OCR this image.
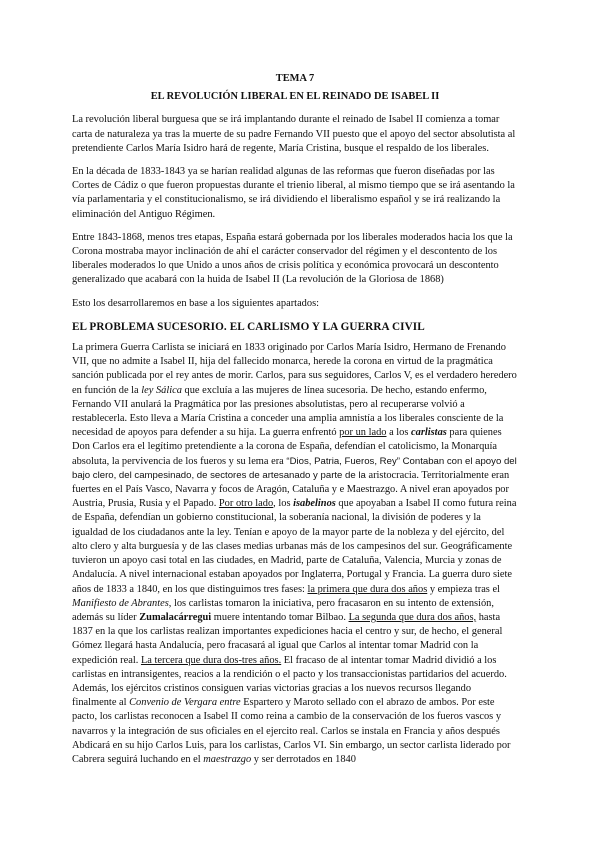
TEMA 7
EL REVOLUCIÓN LIBERAL EN EL REINADO DE ISABEL II

La revolución liberal burguesa que se irá implantando durante el reinado de Isabel II comienza a tomar carta de naturaleza ya tras la muerte de su padre Fernando VII puesto que el apoyo del sector absolutista al pretendiente Carlos María Isidro hará de regente, María Cristina, busque el respaldo de los liberales.

En la década de 1833-1843 ya se harían realidad algunas de las reformas que fueron diseñadas por las Cortes de Cádiz o que fueron propuestas durante el trienio liberal, al mismo tiempo que se irá asentando la vía parlamentaria y el constitucionalismo, se irá dividiendo el liberalismo español y se irá realizando la eliminación del Antiguo Régimen.

Entre 1843-1868, menos tres etapas, España estará gobernada por los liberales moderados hacia los que la Corona mostraba mayor inclinación de ahí el carácter conservador del régimen y el descontento de los liberales moderados lo que Unido a unos años de crisis política y económica provocará un descontento generalizado que acabará con la huida de Isabel II (La revolución de la Gloriosa de 1868)

Esto los desarrollaremos en base a los siguientes apartados:

EL PROBLEMA SUCESORIO. EL CARLISMO Y LA GUERRA CIVIL

La primera Guerra Carlista se iniciará en 1833 originado por Carlos María Isidro, Hermano de Frenando VII, que no admite a Isabel II, hija del fallecido monarca, herede la corona en virtud de la pragmática sanción publicada por el rey antes de morir. Carlos, para sus seguidores, Carlos V, es el verdadero heredero en función de la ley Sálica que excluía a las mujeres de línea sucesoria. De hecho, estando enfermo, Fernando VII anulará la Pragmática por las presiones absolutistas, pero al recuperarse volvió a restablecerla. Esto lleva a María Cristina a conceder una amplia amnistía a los liberales consciente de la necesidad de apoyos para defender a su hija. La guerra enfrentó por un lado a los carlistas para quienes Don Carlos era el legítimo pretendiente a la corona de España, defendían el catolicismo, la Monarquía absoluta, la pervivencia de los fueros y su lema era “Dios, Patria, Fueros, Rey” Contaban con el apoyo del bajo clero, del campesinado, de sectores de artesanado y parte de la aristocracia. Territorialmente eran fuertes en el País Vasco, Navarra y focos de Aragón, Cataluña y e Maestrazgo. A nivel eran apoyados por Austria, Prusia, Rusia y el Papado. Por otro lado, los isabelinos que apoyaban a Isabel II como futura reina de España, defendían un gobierno constitucional, la soberanía nacional, la división de poderes y la igualdad de los ciudadanos ante la ley. Tenían e apoyo de la mayor parte de la nobleza y del ejército, del alto clero y alta burguesía y de las clases medias urbanas más de los campesinos del sur. Geográficamente tuvieron un apoyo casi total en las ciudades, en Madrid, parte de Cataluña, Valencia, Murcia y zonas de Andalucía. A nivel internacional estaban apoyados por Inglaterra, Portugal y Francia. La guerra duro siete años de 1833 a 1840, en los que distinguimos tres fases: la primera que dura dos años y empieza tras el Manifiesto de Abrantes, los carlistas tomaron la iniciativa, pero fracasaron en su intento de extensión, además su líder Zumalacárregui muere intentando tomar Bilbao. La segunda que dura dos años, hasta 1837 en la que los carlistas realizan importantes expediciones hacia el centro y sur, de hecho, el general Gómez llegará hasta Andalucía, pero fracasará al igual que Carlos al intentar tomar Madrid con la expedición real. La tercera que dura dos-tres años. El fracaso de al intentar tomar Madrid dividió a los carlistas en intransigentes, reacios a la rendición o el pacto y los transaccionistas partidarios del acuerdo. Además, los ejércitos cristinos consiguen varias victorias gracias a los nuevos recursos llegando finalmente al Convenio de Vergara entre Espartero y Maroto sellado con el abrazo de ambos. Por este pacto, los carlistas reconocen a Isabel II como reina a cambio de la conservación de los fueros vascos y navarros y la integración de sus oficiales en el ejercito real. Carlos se instala en Francia y años después Abdicará en su hijo Carlos Luis, para los carlistas, Carlos VI. Sin embargo, un sector carlista liderado por Cabrera seguirá luchando en el maestrazgo y ser derrotados en 1840
